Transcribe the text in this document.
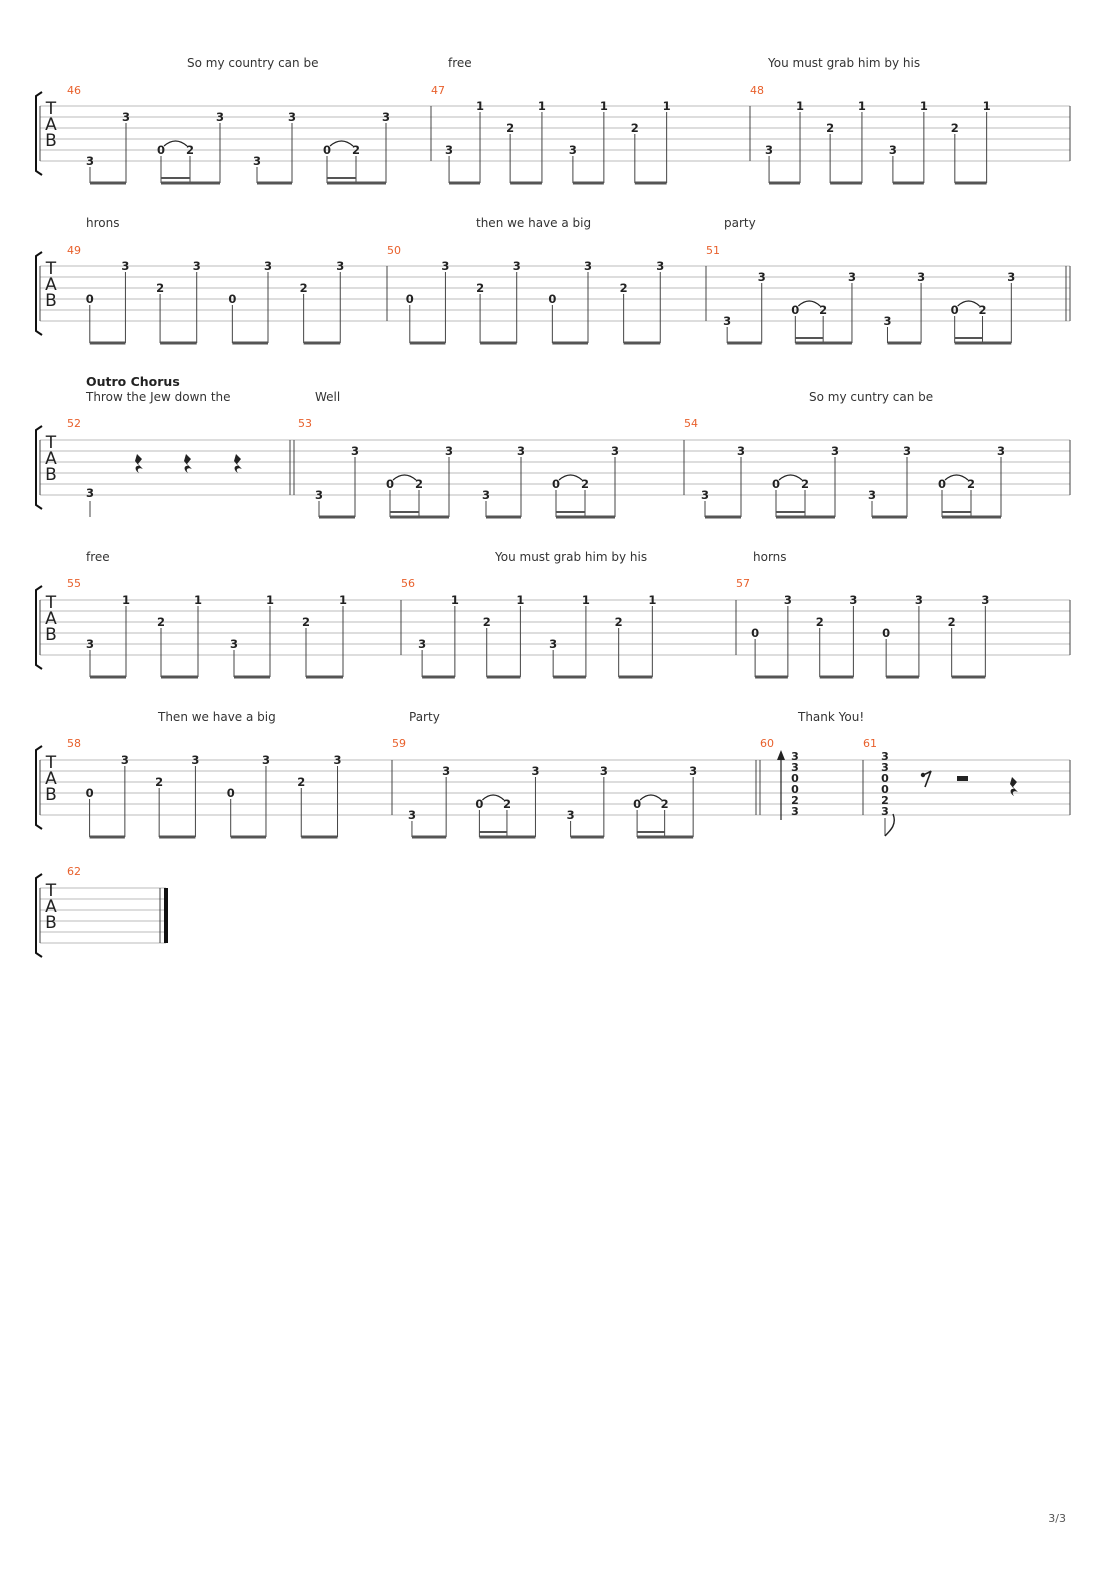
3/3
Outro Chorus
So my country can be	free	You must grab him by his
hrons	then we have a big	party
Throw the Jew down the	Well	So my cuntry can be
free	You must grab him by his	horns
Then we have a big	Party	Thank You!
46	47	48
49	50	51
52	53	54
55	56	57
58	59	60	61
62
T
A
B
3
3
0 2
3
3
3
0 2
3
3
1
2
1
3
1
2
1
3
1
2
1
3
1
2
1
T
A
B	0
3
2
3
0
3
2
3
0
3
2
3
0
3
2
3
3
3
0 2
3
3
3
0 2
3
T
A
B
3
3
0 2
3
3
3
0 2
3
3
3
0 2
3
3
3
0 2
3
T
A
B	3
1
2
1
3
1
2
1
3
1
2
1
3
1
2
1
0
3
2
3
0
3
2
3
T
A
B 0
3
2
3
0
3
2
3
3
3
0 2
3
3
3
0 2
3
T
A
B
3
3
3
0
0
2
3
3
3
0
0
2
3
